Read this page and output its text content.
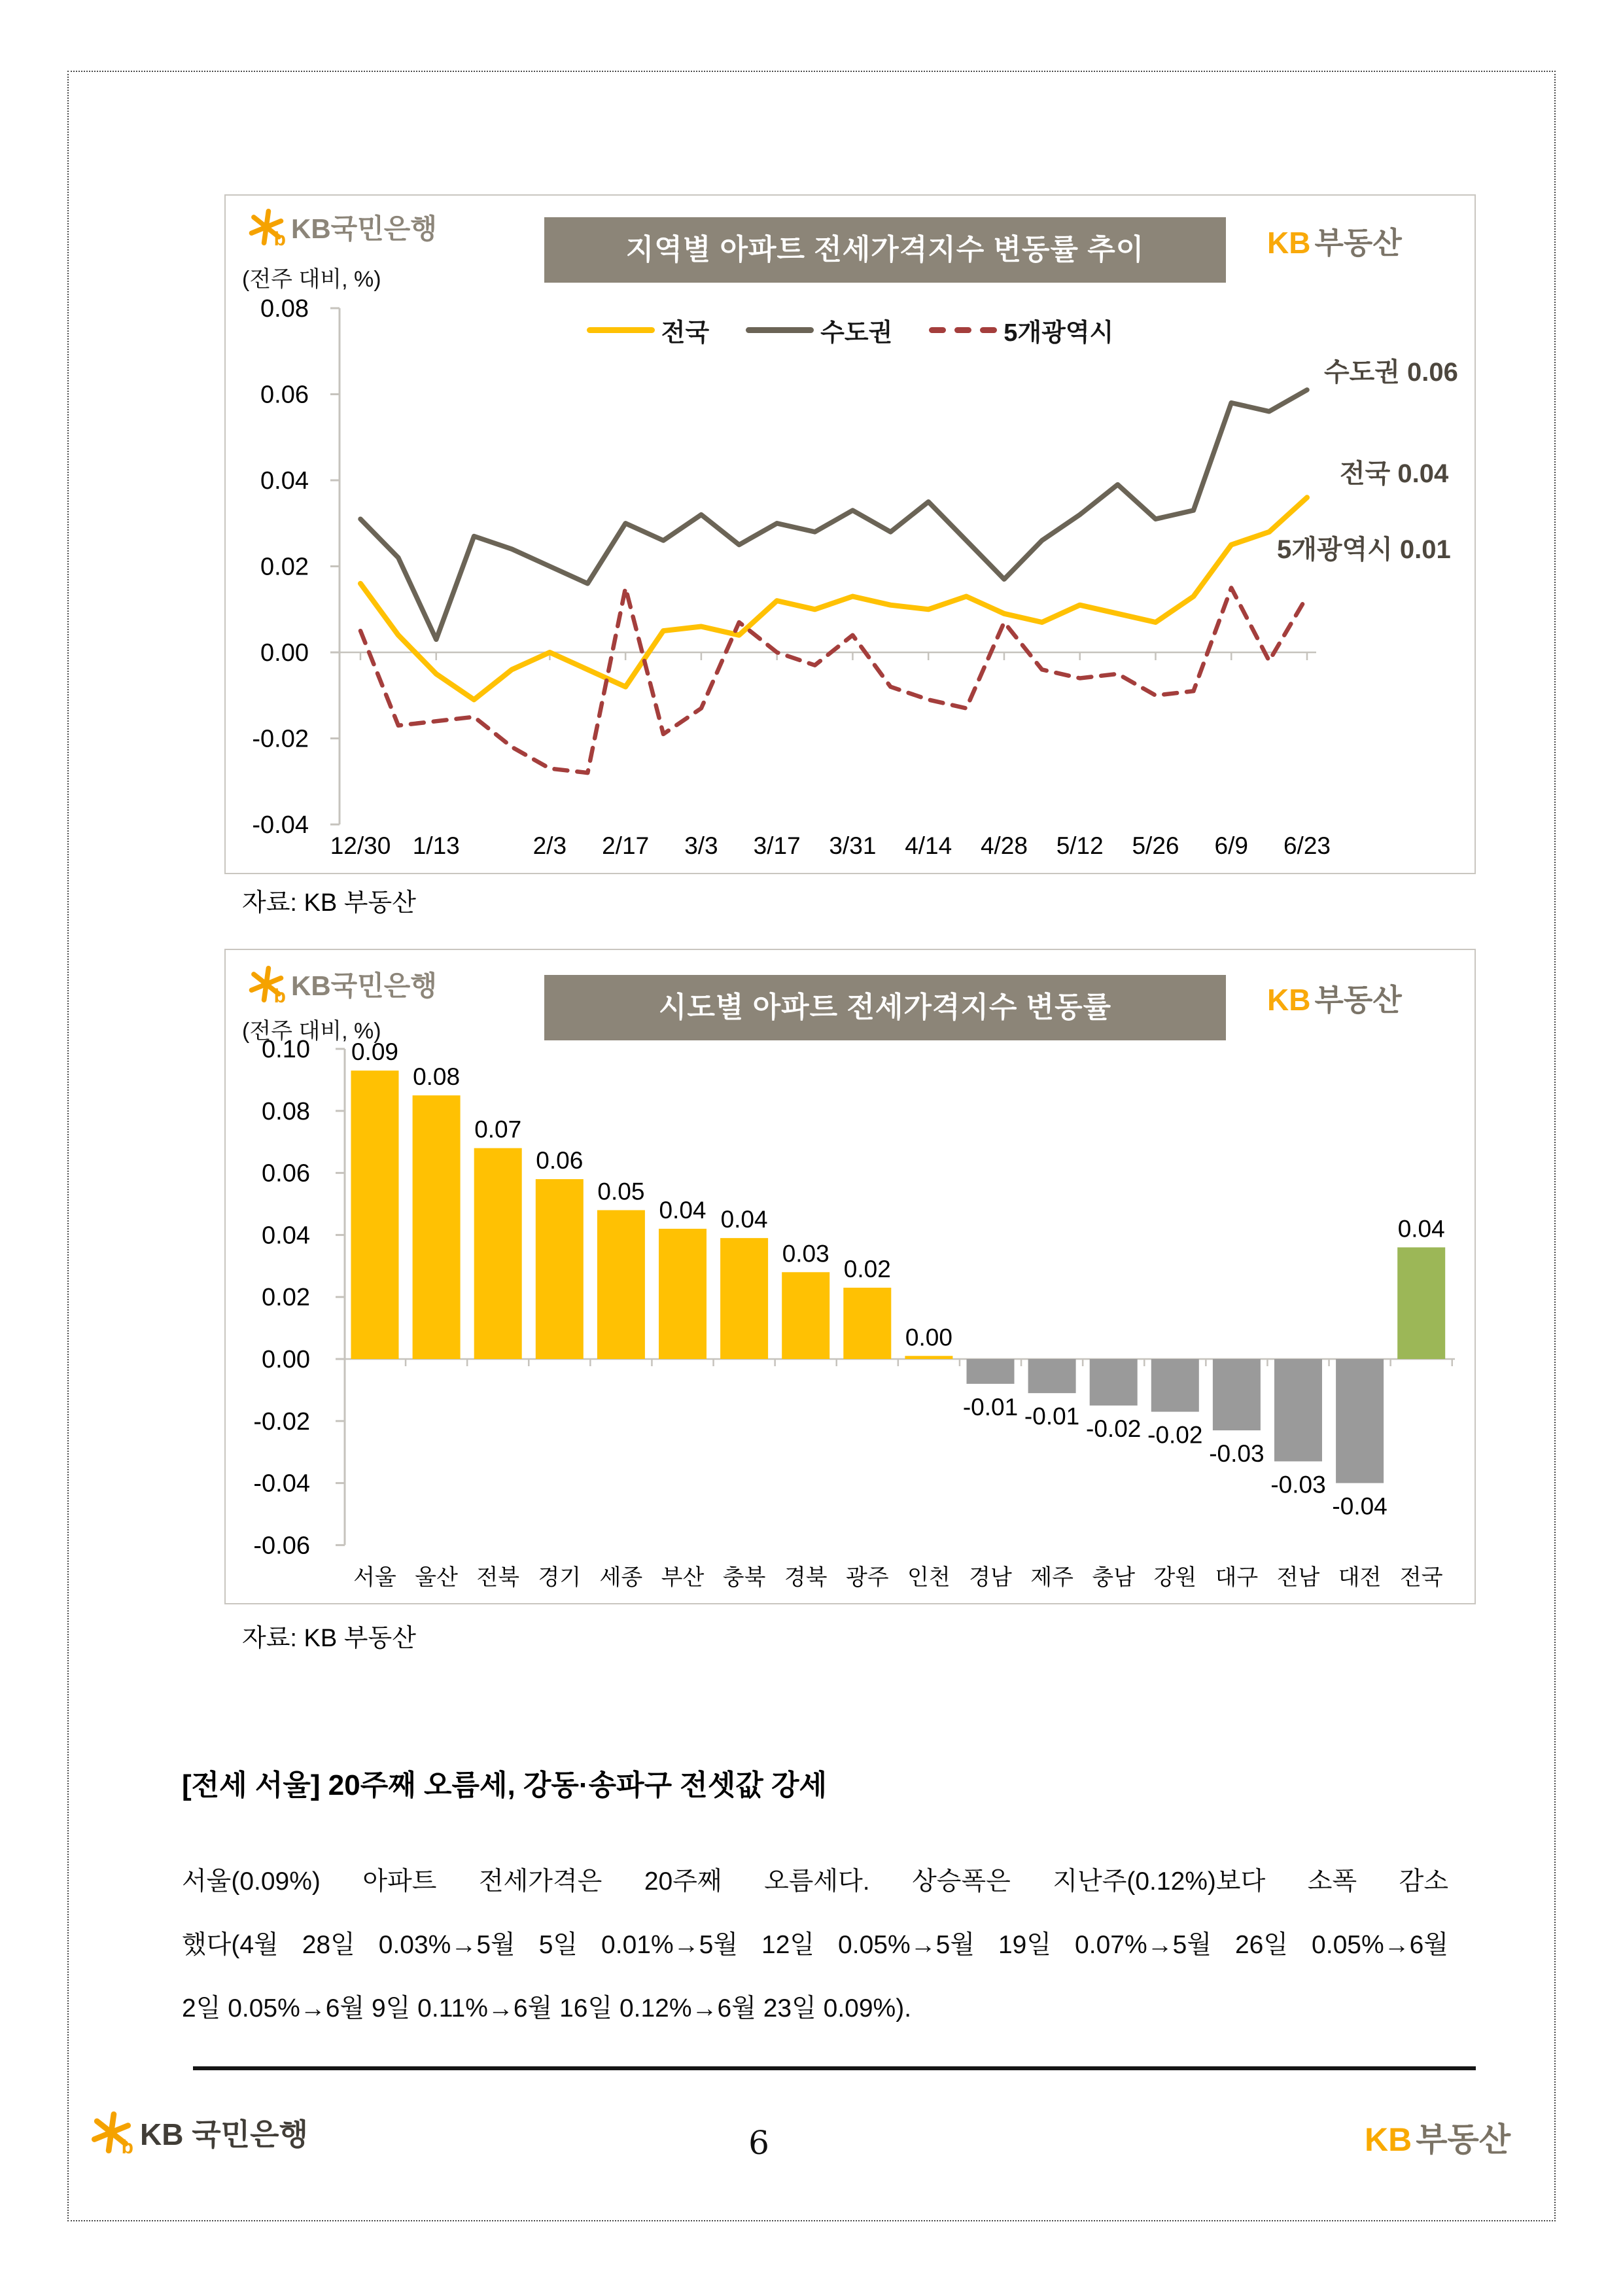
b KB국민은행
지역별 아파트 전세가격지수 변동률 추이	KB 부동산
(전주 대비, %)
전국	수도권	5개광역시
-0.04
-0.02
0.00
0.02
0.04
0.06
0.08
12/30 1/13	2/3 2/17 3/3 3/17 3/31 4/14 4/28 5/12 5/26 6/9 6/23
수도권 0.06
전국 0.04
5개광역시 0.01
자료: KB 부동산
b KB국민은행
시도별 아파트 전세가격지수 변동률	KB 부동산
(전주 대비, %)
-0.06
-0.04
-0.02
0.00
0.02
0.04
0.06
0.08
0.10 0.09
서울
0.08
울산
0.07
전북
0.06
경기
0.05
세종
0.04
부산
0.04
충북
0.03
경북
0.02
광주
0.00
인천
-0.01
경남
-0.01
제주
-0.02
충남
-0.02
강원
-0.03
대구
-0.03
전남
-0.04
대전
0.04
전국
자료: KB 부동산
[전세 서울] 20주째 오름세, 강동·송파구 전셋값 강세
서울(0.09%) 아파트 전세가격은 20주째 오름세다. 상승폭은 지난주(0.12%)보다 소폭 감소
했다(4월 28일 0.03%→5월 5일 0.01%→5월 12일 0.05%→5월 19일 0.07%→5월 26일 0.05%→6월
2일 0.05%→6월 9일 0.11%→6월 16일 0.12%→6월 23일 0.09%).
b KB 국민은행	6	KB 부동산
